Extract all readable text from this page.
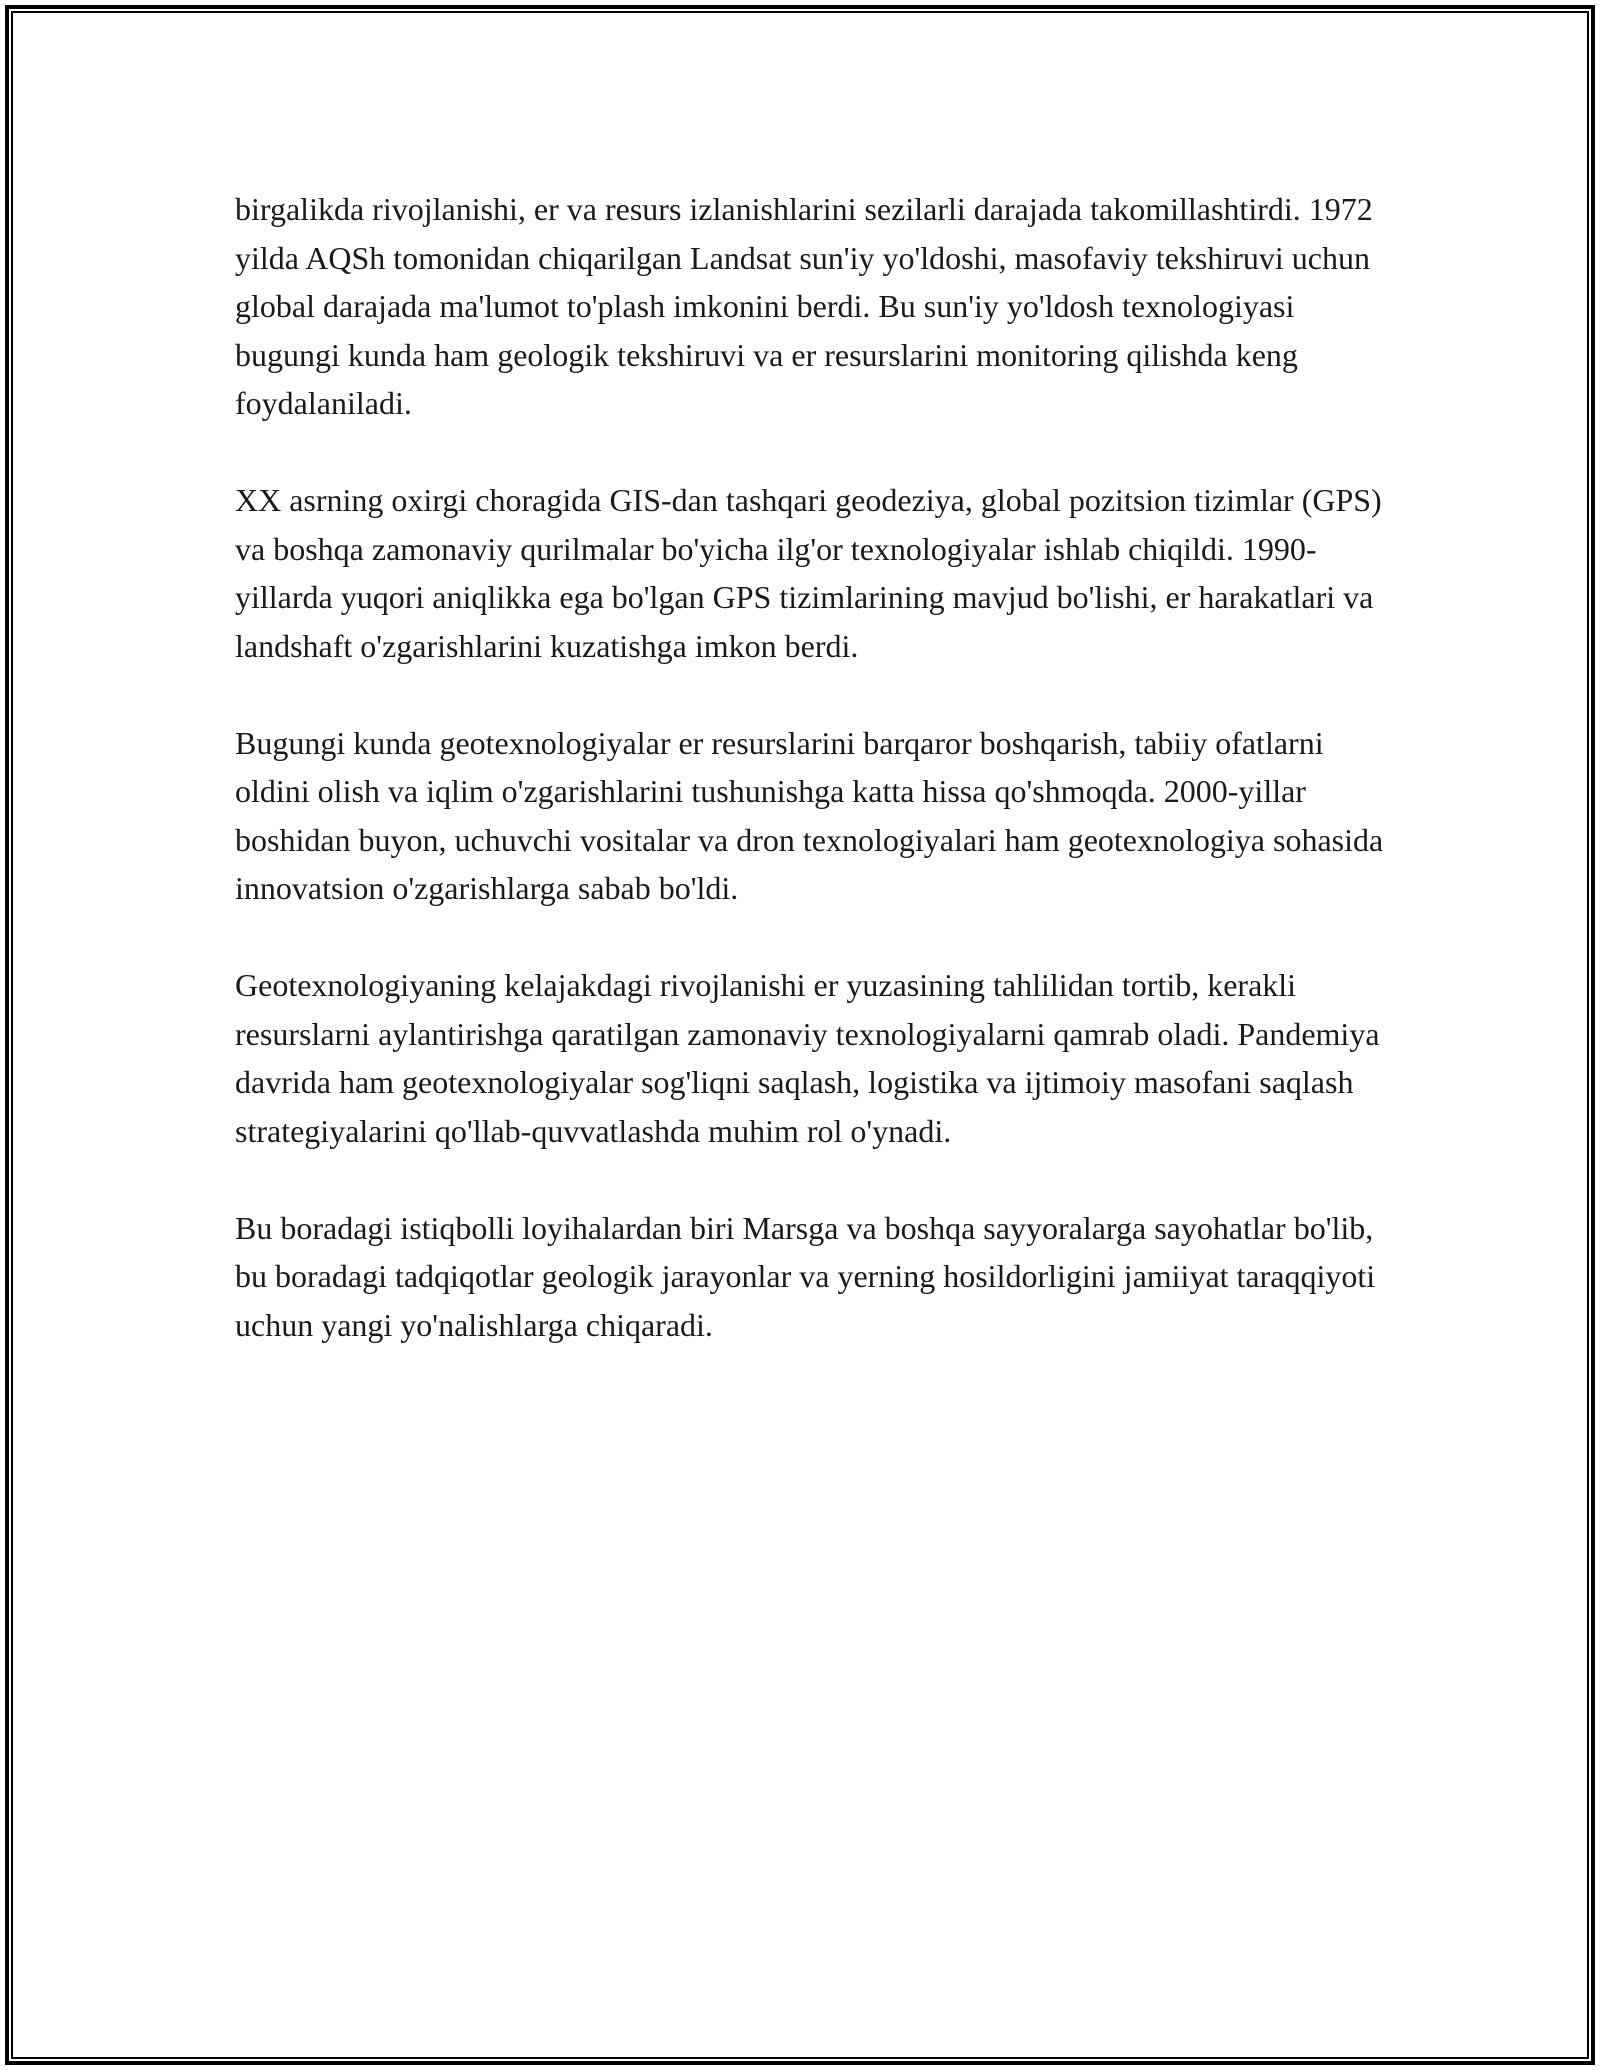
birgalikda rivojlanishi, er va resurs izlanishlarini sezilarli darajada takomillashtirdi. 1972 yilda AQSh tomonidan chiqarilgan Landsat sun'iy yo'ldoshi, masofaviy tekshiruvi uchun global darajada ma'lumot to'plash imkonini berdi. Bu sun'iy yo'ldosh texnologiyasi bugungi kunda ham geologik tekshiruvi va er resurslarini monitoring qilishda keng foydalaniladi.

XX asrning oxirgi choragida GIS-dan tashqari geodeziya, global pozitsion tizimlar (GPS) va boshqa zamonaviy qurilmalar bo'yicha ilg'or texnologiyalar ishlab chiqildi. 1990-yillarda yuqori aniqlikka ega bo'lgan GPS tizimlarining mavjud bo'lishi, er harakatlari va landshaft o'zgarishlarini kuzatishga imkon berdi.

Bugungi kunda geotexnologiyalar er resurslarini barqaror boshqarish, tabiiy ofatlarni oldini olish va iqlim o'zgarishlarini tushunishga katta hissa qo'shmoqda. 2000-yillar boshidan buyon, uchuvchi vositalar va dron texnologiyalari ham geotexnologiya sohasida innovatsion o'zgarishlarga sabab bo'ldi.

Geotexnologiyaning kelajakdagi rivojlanishi er yuzasining tahlilidan tortib, kerakli resurslarni aylantirishga qaratilgan zamonaviy texnologiyalarni qamrab oladi. Pandemiya davrida ham geotexnologiyalar sog'liqni saqlash, logistika va ijtimoiy masofani saqlash strategiyalarini qo'llab-quvvatlashda muhim rol o'ynadi.

Bu boradagi istiqbolli loyihalardan biri Marsga va boshqa sayyoralarga sayohatlar bo'lib, bu boradagi tadqiqotlar geologik jarayonlar va yerning hosildorligini jamiiyat taraqqiyoti uchun yangi yo'nalishlarga chiqaradi.
